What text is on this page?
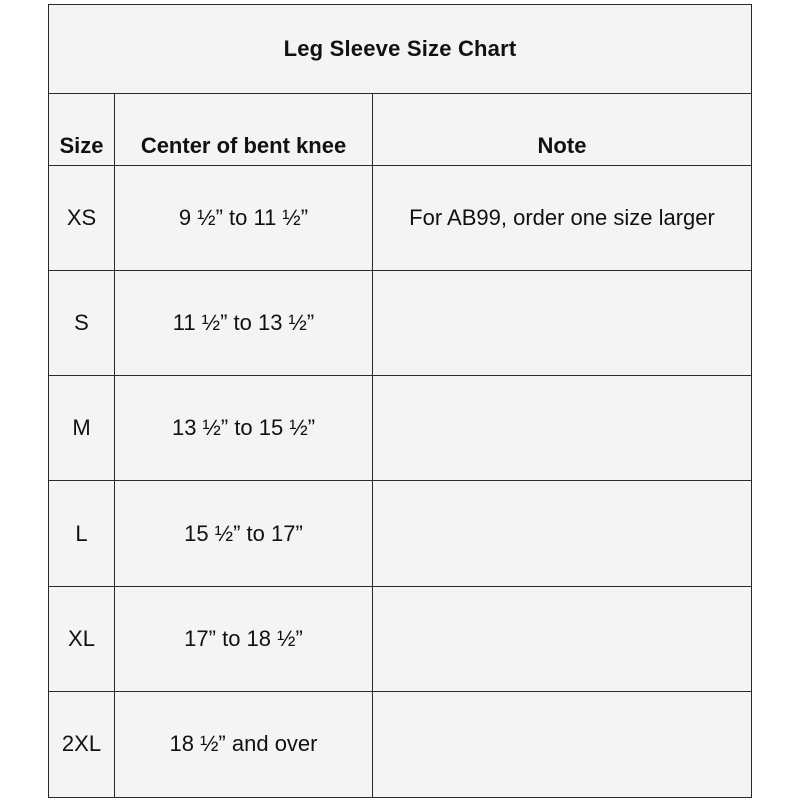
Leg Sleeve Size Chart
Size	Center of bent knee	Note
XS	9 ½” to 11 ½”	For AB99, order one size larger
S	11 ½” to 13 ½”
M	13 ½” to 15 ½”
L	15 ½” to 17”
XL	17” to 18 ½”
2XL	18 ½” and over
